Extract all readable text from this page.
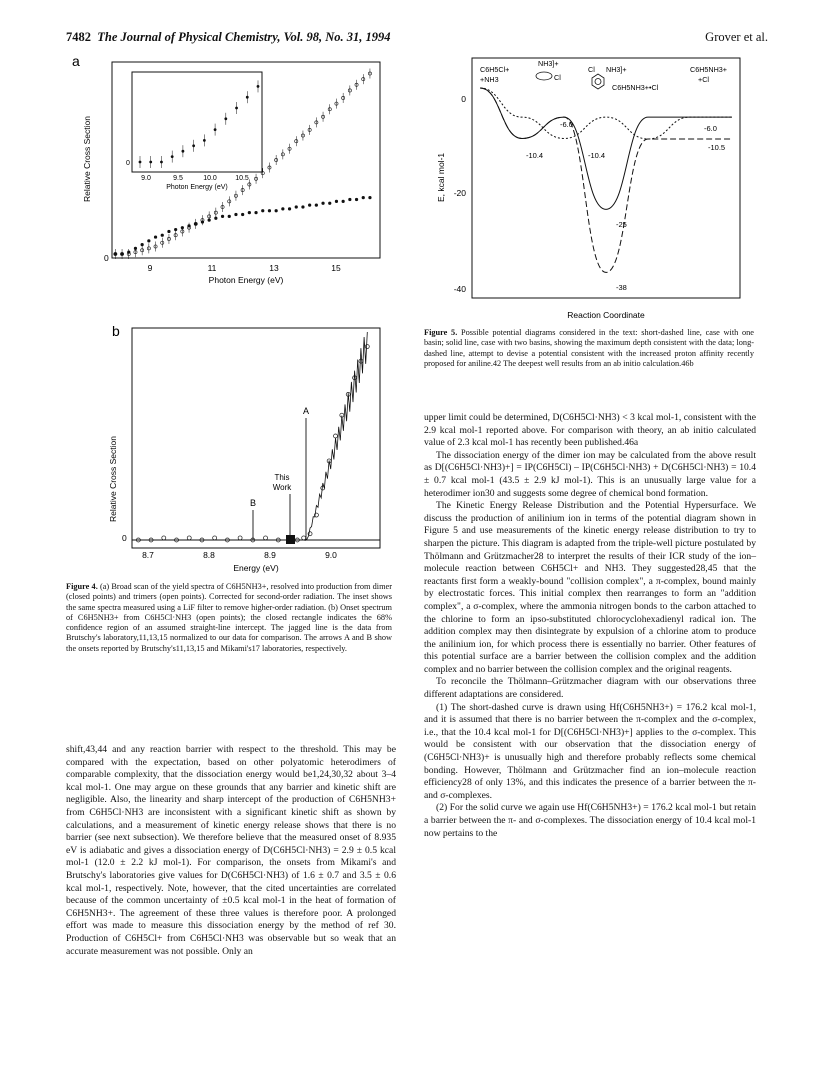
7482 The Journal of Physical Chemistry, Vol. 98, No. 31, 1994	Grover et al.
a
Relative Cross Section
0
9	11	13	15
Photon Energy (eV)
0
9.0	9.5	10.0	10.5
Photon Energy (eV)
b
Relative Cross Section
0
8.7	8.8	8.9	9.0
Energy (eV)
A
This
Work
B
Figure 4. (a) Broad scan of the yield spectra of C6H5NH3+, resolved into production from dimer (closed points) and trimers (open points). Corrected for second-order radiation. The inset shows the same spectra measured using a LiF filter to remove higher-order radiation. (b) Onset spectrum of C6H5NH3+ from C6H5Cl·NH3 (open points); the closed rectangle indicates the 68% confidence region of an assumed straight-line intercept. The jagged line is the data from Brutschy's laboratory,11,13,15 normalized to our data for comparison. The arrows A and B show the onsets reported by Brutschy's11,13,15 and Mikami's17 laboratories, respectively.

shift,43,44 and any reaction barrier with respect to the threshold. This may be compared with the expectation, based on other polyatomic heterodimers of comparable complexity, that the dissociation energy would be1,24,30,32 about 3–4 kcal mol-1. One may argue on these grounds that any barrier and kinetic shift are negligible. Also, the linearity and sharp intercept of the production of C6H5NH3+ from C6H5Cl·NH3 are inconsistent with a significant kinetic shift as shown by calculations, and a measurement of kinetic energy release shows that there is no barrier (see next subsection). We therefore believe that the measured onset of 8.935 eV is adiabatic and gives a dissociation energy of D(C6H5Cl·NH3) = 2.9 ± 0.5 kcal mol-1 (12.0 ± 2.2 kJ mol-1). For comparison, the onsets from Mikami's and Brutschy's laboratories give values for D(C6H5Cl·NH3) of 1.6 ± 0.7 and 3.5 ± 0.6 kcal mol-1, respectively. Note, however, that the cited uncertainties are correlated because of the common uncertainty of ±0.5 kcal mol-1 in the heat of formation of C6H5NH3+. The agreement of these three values is therefore poor. A prolonged effort was made to measure this dissociation energy by the method of ref 30. Production of C6H5Cl+ from C6H5Cl·NH3 was observable but so weak that an accurate measurement was not possible. Only an

C6H5Cl+
+NH3
NH3]+
Cl
Cl NH3]+
C6H5NH3+•Cl
C6H5NH3+
+Cl
E, kcal mol-1
0
-20
-40
-6.0
-10.4	-10.4
-25
-38
-6.0
-10.5
Reaction Coordinate
Figure 5. Possible potential diagrams considered in the text: short-dashed line, case with one basin; solid line, case with two basins, showing the maximum depth consistent with the data; long-dashed line, attempt to devise a potential consistent with the increased proton affinity recently proposed for aniline.42 The deepest well results from an ab initio calculation.46b

upper limit could be determined, D(C6H5Cl·NH3) < 3 kcal mol-1, consistent with the 2.9 kcal mol-1 reported above. For comparison with theory, an ab initio calculated value of 2.3 kcal mol-1 has recently been published.46a

The dissociation energy of the dimer ion may be calculated from the above result as D[(C6H5Cl·NH3)+] = IP(C6H5Cl) – IP(C6H5Cl·NH3) + D(C6H5Cl·NH3) = 10.4 ± 0.7 kcal mol-1 (43.5 ± 2.9 kJ mol-1). This is an unusually large value for a heterodimer ion30 and suggests some degree of chemical bond formation.

The Kinetic Energy Release Distribution and the Potential Hypersurface. We discuss the production of anilinium ion in terms of the potential diagram shown in Figure 5 and use measurements of the kinetic energy release distribution to try to sharpen the picture. This diagram is adapted from the triple-well picture postulated by Thölmann and Grützmacher28 to interpret the results of their ICR study of the ion–molecule reaction between C6H5Cl+ and NH3. They suggested28,45 that the reactants first form a weakly-bound "collision complex", a π-complex, bound mainly by electrostatic forces. This initial complex then rearranges to form an "addition complex", a σ-complex, where the ammonia nitrogen bonds to the carbon attached to the chlorine to form an ipso-substituted chlorocyclohexadienyl radical ion. The addition complex may then disintegrate by expulsion of a chlorine atom to produce the anilinium ion, for which process there is essentially no barrier. Other features of this potential surface are a barrier between the collision complex and the addition complex and no barrier between the collision complex and the original reagents.

To reconcile the Thölmann–Grützmacher diagram with our observations three different adaptations are considered.

(1) The short-dashed curve is drawn using Hf(C6H5NH3+) = 176.2 kcal mol-1, and it is assumed that there is no barrier between the π-complex and the σ-complex, i.e., that the 10.4 kcal mol-1 for D[(C6H5Cl·NH3)+] applies to the σ-complex. This would be consistent with our observation that the dissociation energy of (C6H5Cl·NH3)+ is unusually high and therefore probably reflects some chemical bonding. However, Thölmann and Grützmacher find an ion–molecule reaction efficiency28 of only 13%, and this indicates the presence of a barrier between the π- and σ-complexes.

(2) For the solid curve we again use Hf(C6H5NH3+) = 176.2 kcal mol-1 but retain a barrier between the π- and σ-complexes. The dissociation energy of 10.4 kcal mol-1 now pertains to the
